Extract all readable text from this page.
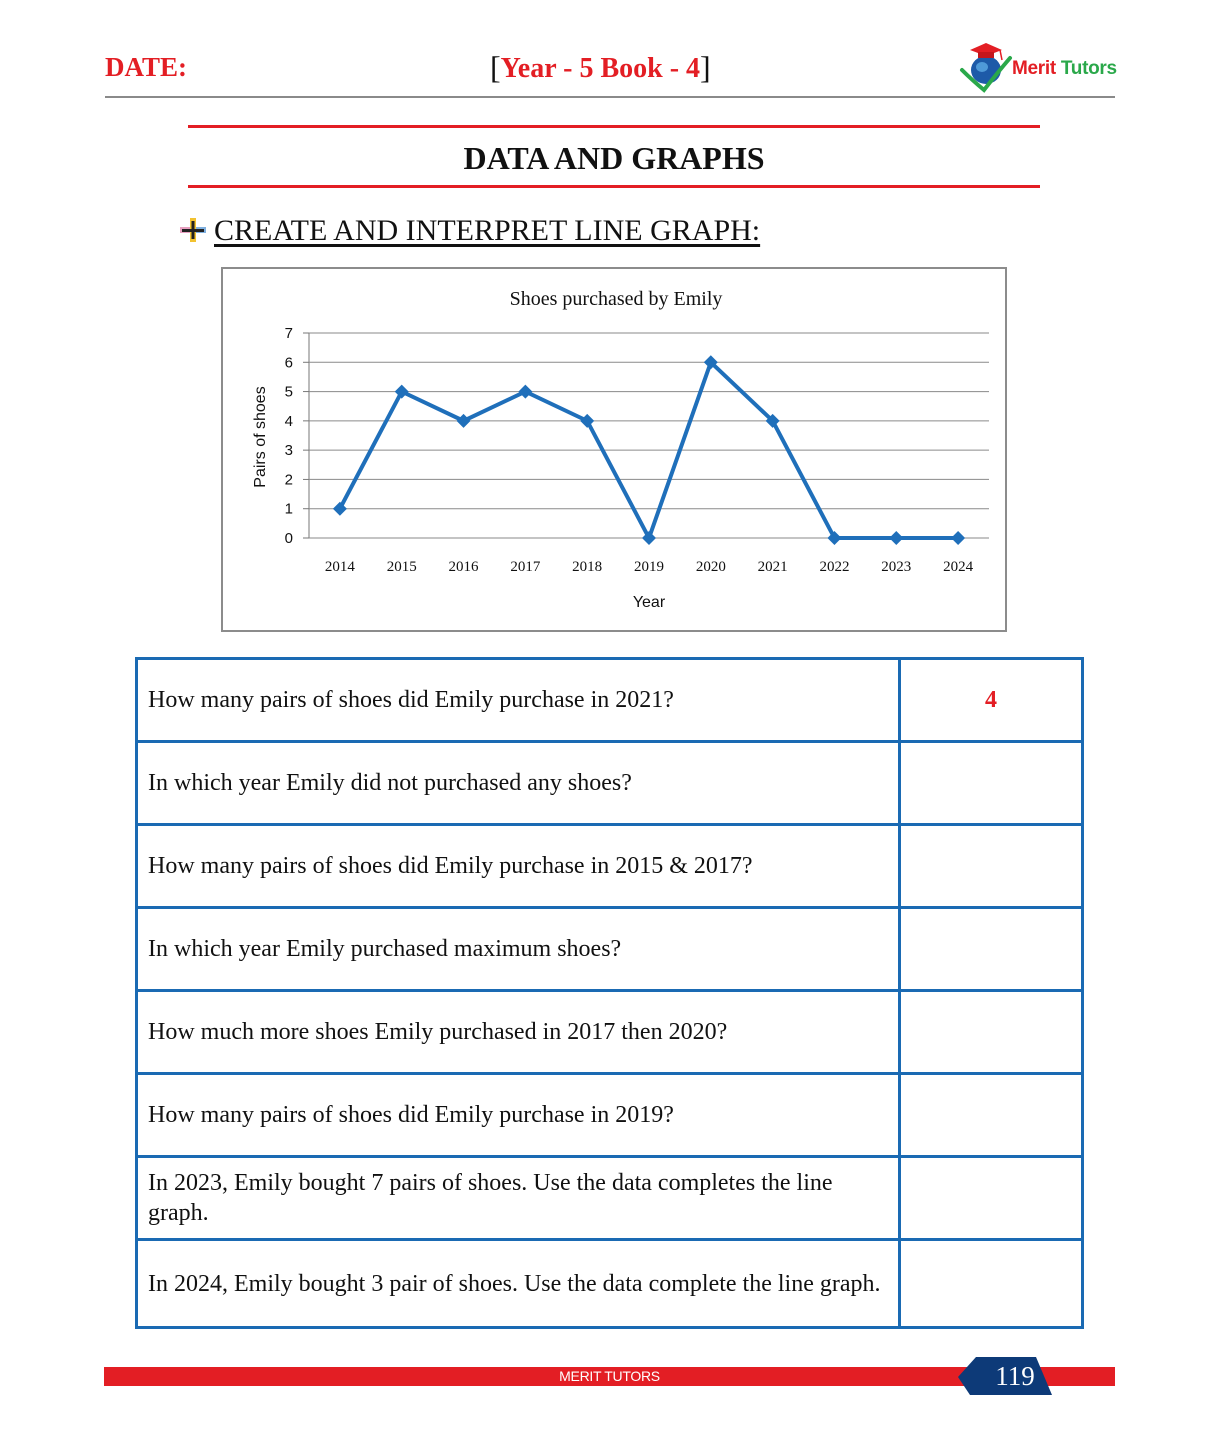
DATE:	[Year - 5 Book - 4]	Merit Tutors
DATA AND GRAPHS
CREATE AND INTERPRET LINE GRAPH:
Shoes purchased by Emily
0
1
2
3
4
5
6
7
2014 2015 2016 2017 2018 2019 2020 2021 2022 2023 2024
Year
Pairs of shoes
How many pairs of shoes did Emily purchase in 2021?	4
In which year Emily did not purchased any shoes?	
How many pairs of shoes did Emily purchase in 2015 & 2017?	
In which year Emily purchased maximum shoes?	
How much more shoes Emily purchased in 2017 then 2020?	
How many pairs of shoes did Emily purchase in 2019?	
In 2023, Emily bought 7 pairs of shoes. Use the data completes the line graph.	
In 2024, Emily bought 3 pair of shoes. Use the data complete the line graph.	
MERIT TUTORS	119
